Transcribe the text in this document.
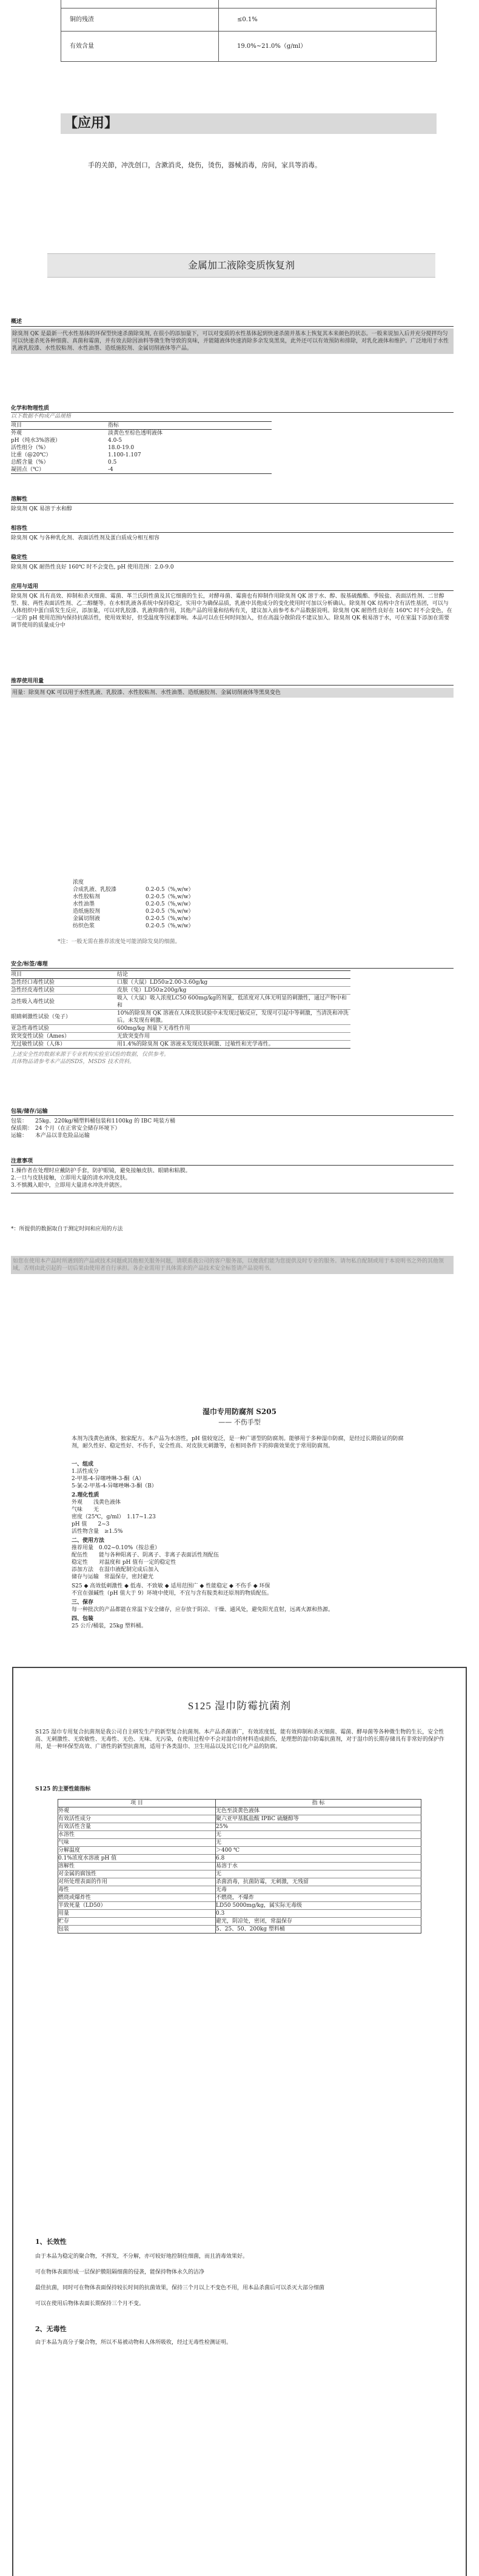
铜的残渣	≤0.1%
有效含量	19.0%~21.0%（g/ml）
【应用】
手的关節，冲洗创口，含漱消炎，烧伤，烫伤，器械消毒，房间，家具等消毒。
金属加工液除变质恢复剂
概述
除臭剂 QK 是最新一代水性基体的环保型快速杀菌除臭剂, 在很小的添加量下，可以对变质的水性基体起到快速杀菌并基本上恢复其本来颜色的状态。一般来说加入后并充分搅拌均匀可以快速杀死各种细菌、真菌和霉菌，并有效去除因油料等微生物导致的臭味，并能随液体快速消除多余发臭黑臭，此外还可以有效预防和排除，对乳化液体和维护。广泛地用于水性乳液乳胶漆、水性胶粘剂、水性油墨、造纸施胶剂、金属切削液体等产品。
化学和物理性质
以下数据不构成产品规格
项目	指标
外观	淡黄色至棕色透明液体
pH（纯水3%溶液）	4.0-5
活性组分（%）	18.0-19.0
比重（@20℃）	1.100-1.107
总醛含量（%）	0.5
凝固点（℃）	-4
溶解性
除臭剂 QK 易溶于水和醇
相容性
除臭剂 QK 与各种乳化剂、表面活性剂及蛋白质成分相互相容
稳定性
除臭剂 QK 耐热性良好 160℃ 时不会变色, pH 使用范围：2.0-9.0
应用与适用
除臭剂 QK 具有高效、抑制和杀灭细菌、霉菌、革兰氏阴性菌及其它细菌的生长，对酵母菌、霉菌也有抑制作用除臭剂 QK 溶于水、醇、胺基硫酸酯、季铵盐、表面活性剂、二甘醇型、胺、两性表面活性剂、乙二醇醚等。在水相乳液各系统中保持稳定，实用中为确保品质，乳液中其他成分的变化使用时可加以分析确认。除臭剂 QK 结构中含有活性基团，可以与人体组织中蛋白质发生反应，添加量，可以对乳胶漆、乳液抑菌作用，其他产品的用量和结构有关，建议加入前参考本产品数据说明。除臭剂 QK 耐热性良好在 160℃ 时不会变色，在一定的 pH 使用范围内保持抗菌活性，使用效果好，但受温度等因素影响。本品可以在任何时间加入，但在高温分散阶段不建议加入。除臭剂 QK 极易溶于水，可在室温下添加在需要调节使用的质量成分中
推荐使用用量
用量：除臭剂 QK 可以用于水性乳液、乳胶漆、水性胶粘剂、水性油墨、造纸施胶剂、金属切削液体等黑臭变色
浓度
合成乳液、乳胶漆	0.2-0.5（%,w/w）
水性胶粘剂	0.2-0.5（%,w/w）
水性油墨	0.2-0.5（%,w/w）
造纸施胶剂	0.2-0.5（%,w/w）
金属切削液	0.2-0.5（%,w/w）
纺织色浆	0.2-0.5（%,w/w）
*注：一般无需在推荐浓度处可能消除发臭的细菌。
安全/标签/毒理
项目	结论
急性经口毒性试验	口服（大鼠）LD50≥2.00-3.60g/kg
急性经皮毒性试验	皮肤（兔）LD50≥200g/kg
急性吸入毒性试验	吸入（大鼠）吸入浓度LC50 600mg/kg的剂量，低浓度对人体无明显的刺激性，通过产物中和和
眼睛刺激性试验（兔子）	10%的除臭剂 QK 溶液在人体皮肤试验中未发现过敏反应，发现可引起中等刺激，当清洗和冲洗后。未发现有刺激。
亚急性毒性试验	600mg/kg 剂量下无毒性作用
致突变性试验（Ames）	无致突变作用
光过敏性试验（人体）	用1.4%的除臭剂 QK 溶液未发现皮肤刺激、过敏性和光学毒性。
上述安全性的数据来源于专业机构实验室试验的数据，仅供参考。
具体物品请参考本产品的SDS，MSDS 技术资料。
包装/储存/运输
包装：	25kg、220kg/桶塑料桶包装和1100kg 的 IBC 吨装方桶
保质期： 24 个月（在正常安全储存环境下）
运输：	本产品以非危险品运输
注意事项
1.操作者在处理时应戴防护手套，防护眼镜，避免接触皮肤、眼睛和粘膜。
2.一旦与皮肤接触，立即用大量的清水冲洗皮肤。
3.不慎溅入眼中，立即用大量清水冲洗并就医。
*：所提供的数据取自于测定时间和应用的方法
如您在使用本产品时所遇到的产品或技术问题或其他相关服务问题，请联系我公司的客户服务部，以便我们能为您提供及时专业的服务。请勿私自配制或用于本说明书之外的其他领域，否则由此引起的一切后果由使用者自行承担。各企业需用于具体需求的产品技术安全标签请产品说明书。
湿巾专用防腐剂 S205
—— 不伤手型
本剂为浅黄色液体，独家配方。本产品为水溶性，pH 值较宽泛，是一种广谱型的防腐剂。能够用于多种湿巾防腐，是经过长期验证的防腐剂，耐久性好、稳定性好、不伤手，安全性高、对皮肤无刺激等，在相同条件下的抑菌效果优于常用防腐剂。
一、组成
1.活性成分
2-甲基-4-异噻唑啉-3-酮（A）
5-氯-2-甲基-4-异噻唑啉-3-酮（B）
2.理化性质
外观　　浅黄色液体
气味　　无
密度（25℃，g/ml）　1.17~1.23
pH 值　　2~3
活性物含量　≥1.5%
二、使用方法
推荐用量　0.02~0.10%（按总重）
配伍性　　能与各种阳离子、阴离子、非离子表面活性剂配伍
稳定性　　对温度和 pH 值有一定的稳定性
添加方法　在湿巾液配制完成后加入
储存与运输　常温保存，密封避光
S25 ◆ 高效低刺激性 ◆ 低毒、不致敏 ◆ 适用范围广 ◆ 性能稳定 ◆ 不伤手 ◆ 环保
不宜在强碱性（pH 值大于 9）环境中使用，不宜与含有胺类和还原剂的物质配伍。
三、保存
每一种批次的产品都能在常温下安全储存，应存放于阴凉、干燥、通风处，避免阳光直射，远离火源和热源。
四、包装
25 公斤/桶装，25kg 塑料桶。
S125 湿巾防霉抗菌剂
S125 湿巾专用复合抗菌剂是我公司自主研发生产的新型复合抗菌剂。本产品杀菌谱广，有效浓度低，能有效抑制和杀灭细菌、霉菌、酵母菌等各种微生物的生长，安全性高、无刺激性、无致敏性、无毒性、无色、无味、无污染，在使用过程中不会对湿巾的材料造成损伤，是理想的湿巾防霉抗菌剂，对于湿巾的长期存储具有非常好的保护作用，是一种环保型高效、广谱性的新型抗菌剂，适用于各类湿巾、卫生用品以及其它日化产品的防腐。
S125 的主要性能指标
项 目	指 标
外观	无色至淡黄色液体
有效活性成分	聚六亚甲基胍盐酸 IPBC 硫醚醇等
有效活性含量	25%
水溶性	无
气味	无
分解温度	＞400 ℃
0.1%浓度水溶液 pH 值	6.8
溶解性	易溶于水
对金属的腐蚀性	无
对所处理表面的作用	杀菌消毒，抗菌防霉，无刺激，无残留
毒性	无毒
燃烧或爆炸性	不燃烧，不爆炸
半致死量（LD50）	LD50 5000mg/kg，属实际无毒级
用量	0.3
贮存	避光，阴凉处，密闭，常温保存
包装	5、25、50、200kg 塑料桶
1、长效性
由于本品为稳定的聚合物，不挥发，不分解，亦可较好地控制住细菌，而且消毒效果好。
可在物体表面形成一层保护膜阻隔细菌的侵袭，能保持物体永久的洁净
最佳抗菌，同时可在物体表面保持较长时间的抗菌效果，保持三个月以上不变色不用，用本品杀菌后可以杀灭大部分细菌
可以在使用后物体表面长期保持三个月不变。
2、无毒性
由于本品为高分子聚合物，所以不易被动物和人体所吸收，经过无毒性检测证明。
